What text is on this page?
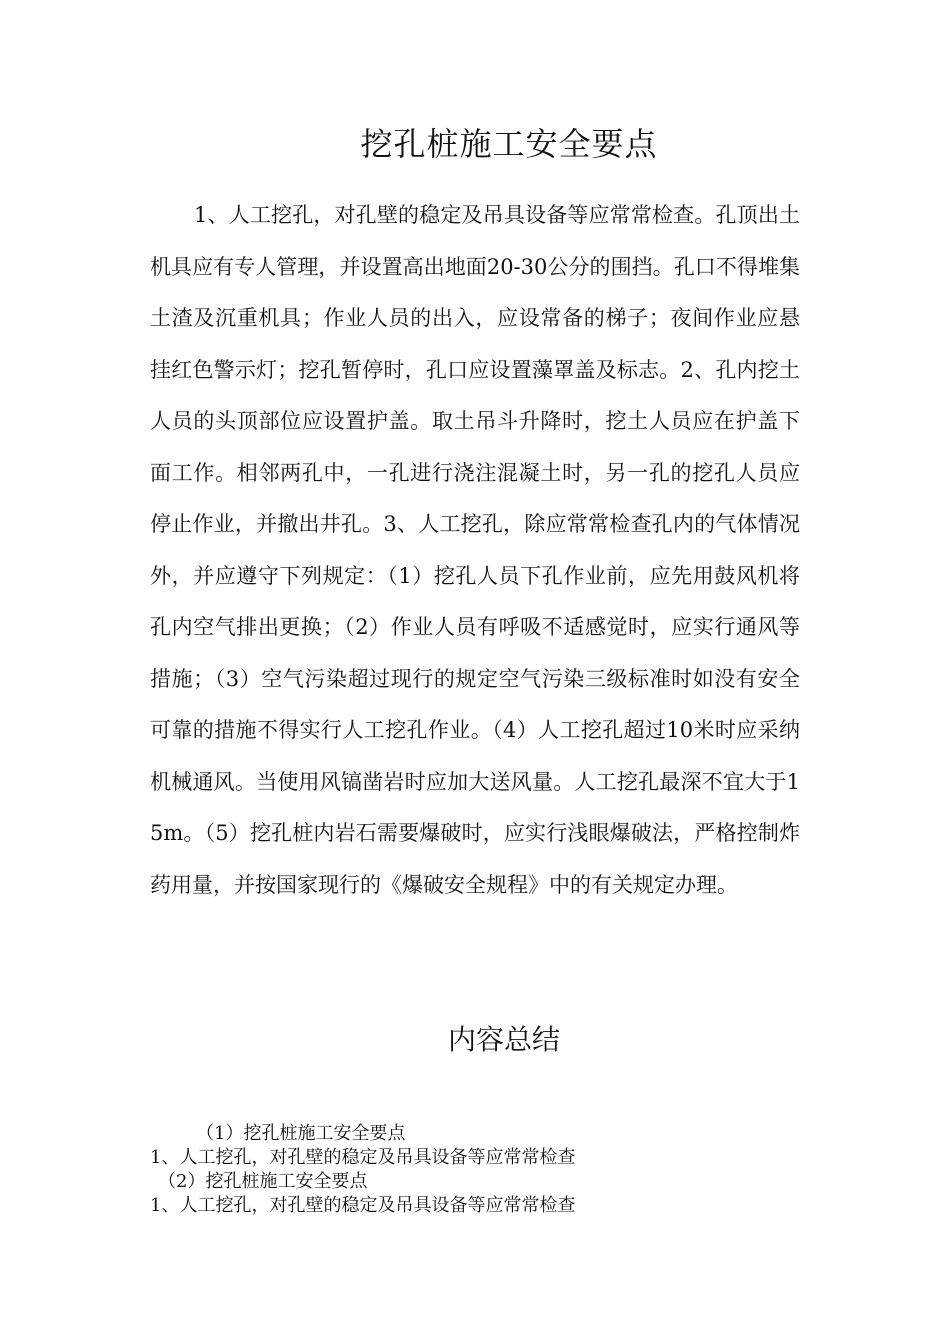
挖孔桩施工安全要点

1、人工挖孔，对孔壁的稳定及吊具设备等应常常检查。孔顶出土机具应有专人管理，并设置高出地面20-30公分的围挡。孔口不得堆集土渣及沉重机具；作业人员的出入，应设常备的梯子；夜间作业应悬挂红色警示灯；挖孔暂停时，孔口应设置藻罩盖及标志。2、孔内挖土人员的头顶部位应设置护盖。取土吊斗升降时，挖土人员应在护盖下面工作。相邻两孔中，一孔进行浇注混凝土时，另一孔的挖孔人员应停止作业，并撤出井孔。3、人工挖孔，除应常常检查孔内的气体情况外，并应遵守下列规定：（1）挖孔人员下孔作业前，应先用鼓风机将孔内空气排出更换；（2）作业人员有呼吸不适感觉时，应实行通风等措施；（3）空气污染超过现行的规定空气污染三级标准时如没有安全可靠的措施不得实行人工挖孔作业。（4）人工挖孔超过10米时应采纳机械通风。当使用风镐凿岩时应加大送风量。人工挖孔最深不宜大于15m。（5）挖孔桩内岩石需要爆破时，应实行浅眼爆破法，严格控制炸药用量，并按国家现行的《爆破安全规程》中的有关规定办理。

内容总结
（1）挖孔桩施工安全要点
1、人工挖孔，对孔壁的稳定及吊具设备等应常常检查
（2）挖孔桩施工安全要点
1、人工挖孔，对孔壁的稳定及吊具设备等应常常检查
